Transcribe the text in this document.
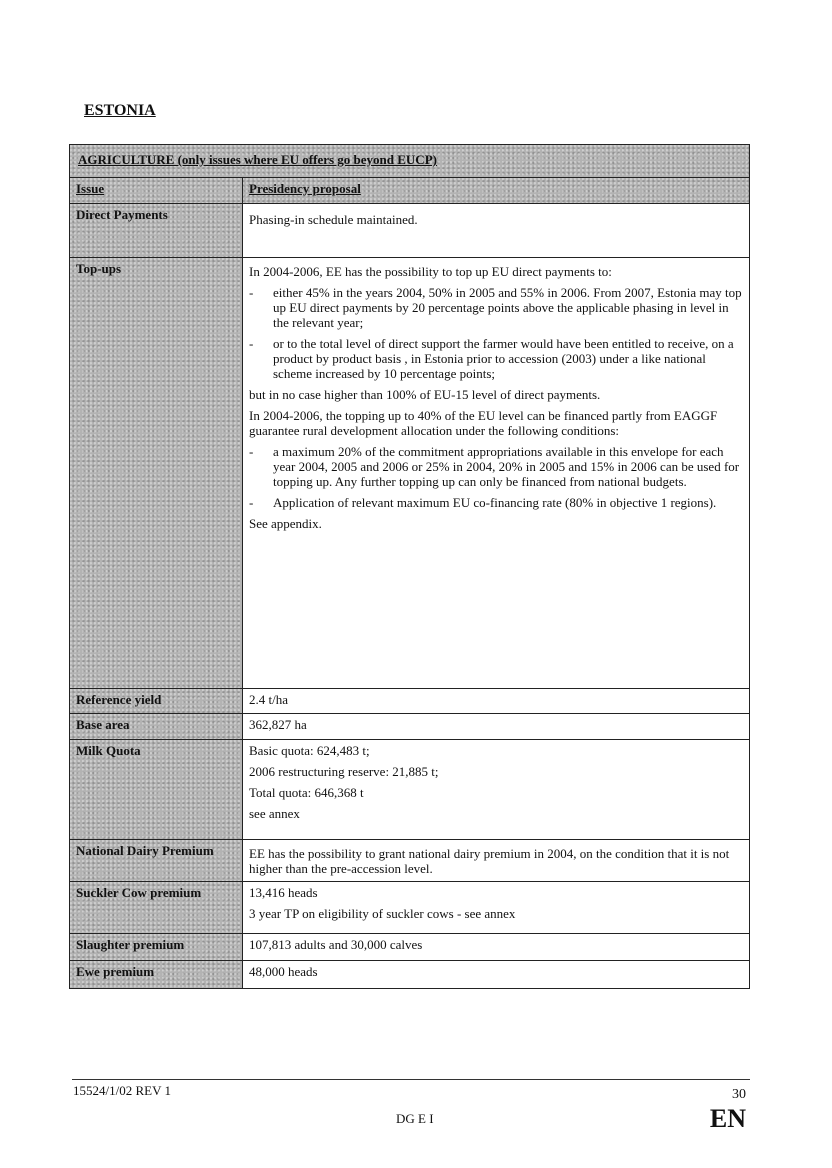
ESTONIA
AGRICULTURE (only issues where EU offers go beyond EUCP)
Issue	Presidency proposal
Direct Payments	Phasing-in schedule maintained.
Top-ups	In 2004-2006, EE has the possibility to top up EU direct payments to:

-	either 45% in the years 2004, 50% in 2005 and 55% in 2006. From 2007, Estonia may top up EU direct payments by 20 percentage points above the applicable phasing in level in the relevant year;
-	or to the total level of direct support the farmer would have been entitled to receive, on a product by product basis , in Estonia prior to accession (2003) under a like national scheme increased by 10 percentage points;

but in no case higher than 100% of EU-15 level of direct payments.

In 2004-2006, the topping up to 40% of the EU level can be financed partly from EAGGF guarantee rural development allocation under the following conditions:

-	a maximum 20% of the commitment appropriations available in this envelope for each year 2004, 2005 and 2006 or 25% in 2004, 20% in 2005 and 15% in 2006 can be used for topping up. Any further topping up can only be financed from national budgets.
-	Application of relevant maximum EU co-financing rate (80% in objective 1 regions).

See appendix.

Reference yield	2.4 t/ha
Base area	362,827 ha
Milk Quota	Basic quota: 624,483 t;

2006 restructuring reserve: 21,885 t;

Total quota: 646,368 t

see annex

National Dairy Premium	EE has the possibility to grant national dairy premium in 2004, on the condition that it is not higher than the pre-accession level.
Suckler Cow premium	13,416 heads

3 year TP on eligibility of suckler cows - see annex

Slaughter premium	107,813 adults and 30,000 calves
Ewe premium	48,000 heads
15524/1/02 REV 1	30
DG E I	EN
